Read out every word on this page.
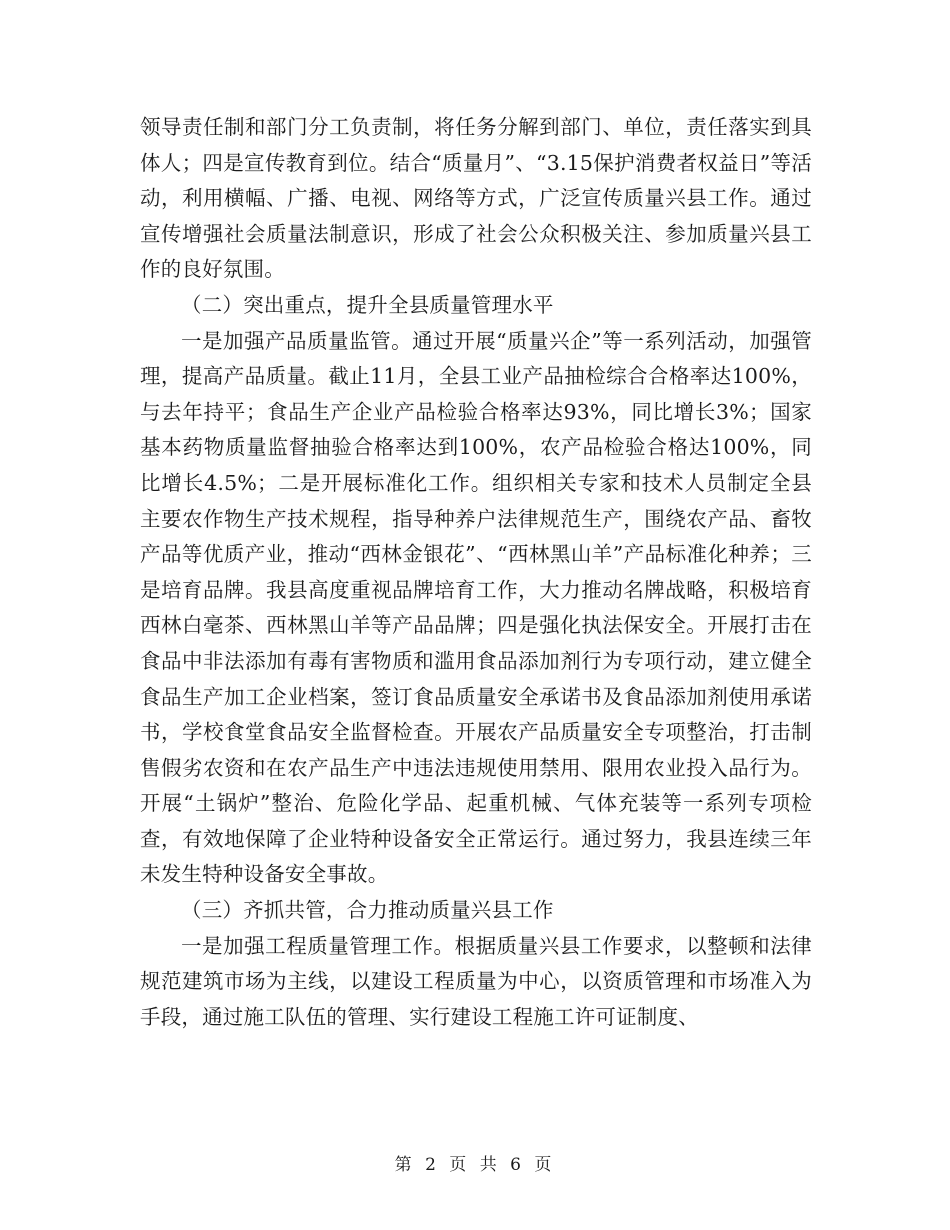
领导责任制和部门分工负责制，将任务分解到部门、单位，责任落实到具体人；四是宣传教育到位。结合“质量月”、“3.15保护消费者权益日”等活动，利用横幅、广播、电视、网络等方式，广泛宣传质量兴县工作。通过宣传增强社会质量法制意识，形成了社会公众积极关注、参加质量兴县工作的良好氛围。

（二）突出重点，提升全县质量管理水平

一是加强产品质量监管。通过开展“质量兴企”等一系列活动，加强管理，提高产品质量。截止11月，全县工业产品抽检综合合格率达100%，与去年持平；食品生产企业产品检验合格率达93%，同比增长3%；国家基本药物质量监督抽验合格率达到100%，农产品检验合格达100%，同比增长4.5%；二是开展标准化工作。组织相关专家和技术人员制定全县主要农作物生产技术规程，指导种养户法律规范生产，围绕农产品、畜牧产品等优质产业，推动“西林金银花”、“西林黑山羊”产品标准化种养；三是培育品牌。我县高度重视品牌培育工作，大力推动名牌战略，积极培育西林白毫茶、西林黑山羊等产品品牌；四是强化执法保安全。开展打击在食品中非法添加有毒有害物质和滥用食品添加剂行为专项行动，建立健全食品生产加工企业档案，签订食品质量安全承诺书及食品添加剂使用承诺书，学校食堂食品安全监督检查。开展农产品质量安全专项整治，打击制售假劣农资和在农产品生产中违法违规使用禁用、限用农业投入品行为。开展“土锅炉”整治、危险化学品、起重机械、气体充装等一系列专项检查，有效地保障了企业特种设备安全正常运行。通过努力，我县连续三年未发生特种设备安全事故。

（三）齐抓共管，合力推动质量兴县工作

一是加强工程质量管理工作。根据质量兴县工作要求，以整顿和法律规范建筑市场为主线，以建设工程质量为中心，以资质管理和市场准入为手段，通过施工队伍的管理、实行建设工程施工许可证制度、

第 2 页 共 6 页
